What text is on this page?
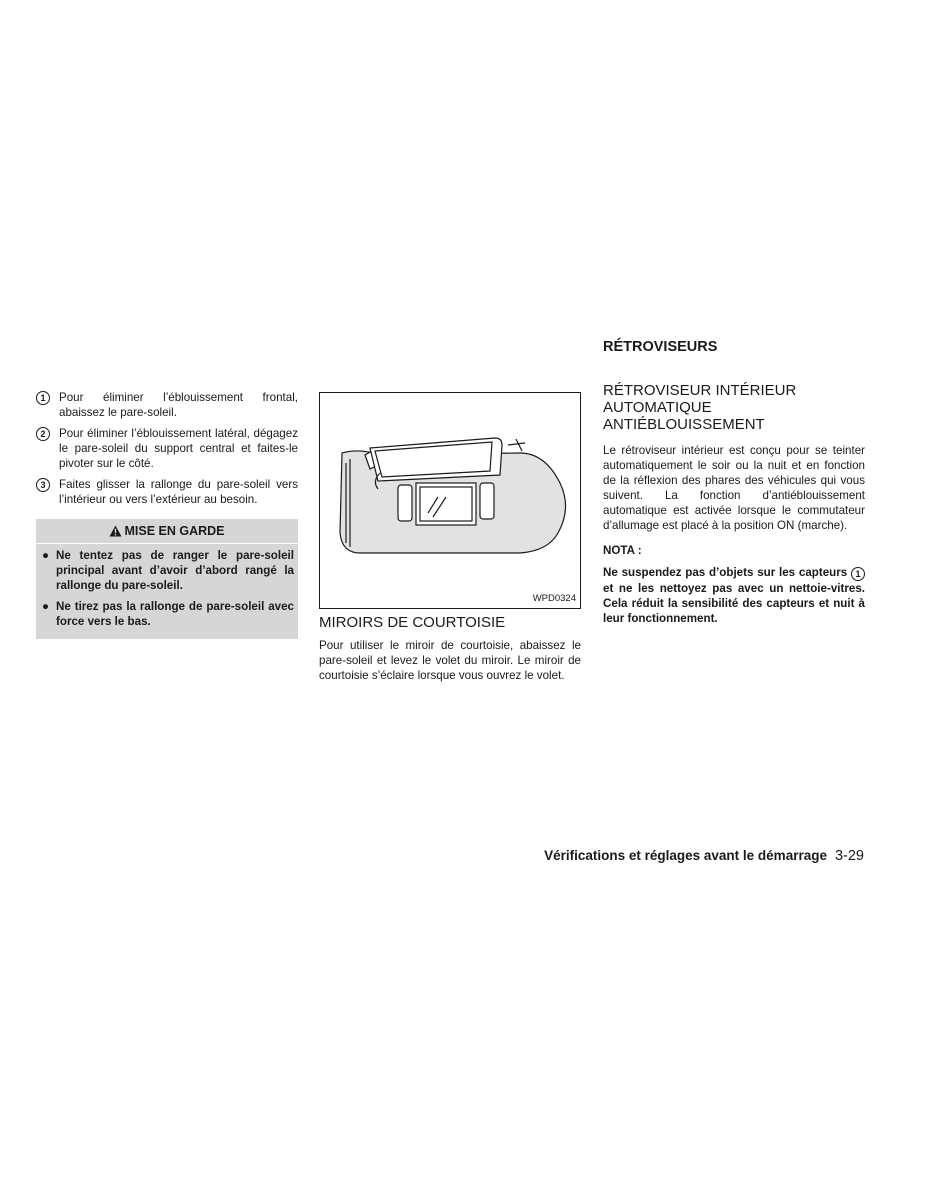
1	Pour éliminer l’éblouissement frontal, abaissez le pare-soleil.
2	Pour éliminer l’éblouissement latéral, dégagez le pare-soleil du support central et faites-le pivoter sur le côté.
3	Faites glisser la rallonge du pare-soleil vers l’intérieur ou vers l’extérieur au besoin.
MISE EN GARDE
● Ne tentez pas de ranger le pare-soleil principal avant d’avoir d’abord rangé la rallonge du pare-soleil.
● Ne tirez pas la rallonge de pare-soleil avec force vers le bas.
WPD0324
MIROIRS DE COURTOISIE

Pour utiliser le miroir de courtoisie, abaissez le pare-soleil et levez le volet du miroir. Le miroir de courtoisie s’éclaire lorsque vous ouvrez le volet.

RÉTROVISEURS
RÉTROVISEUR INTÉRIEUR
AUTOMATIQUE
ANTIÉBLOUISSEMENT

Le rétroviseur intérieur est conçu pour se teinter automatiquement le soir ou la nuit et en fonction de la réflexion des phares des véhicules qui vous suivent. La fonction d’antiéblouissement automatique est activée lorsque le commutateur d’allumage est placé à la position ON (marche).

NOTA :

Ne suspendez pas d’objets sur les capteurs 1 et ne les nettoyez pas avec un nettoie-vitres. Cela réduit la sensibilité des capteurs et nuit à leur fonctionnement.

Vérifications et réglages avant le démarrage 3-29
